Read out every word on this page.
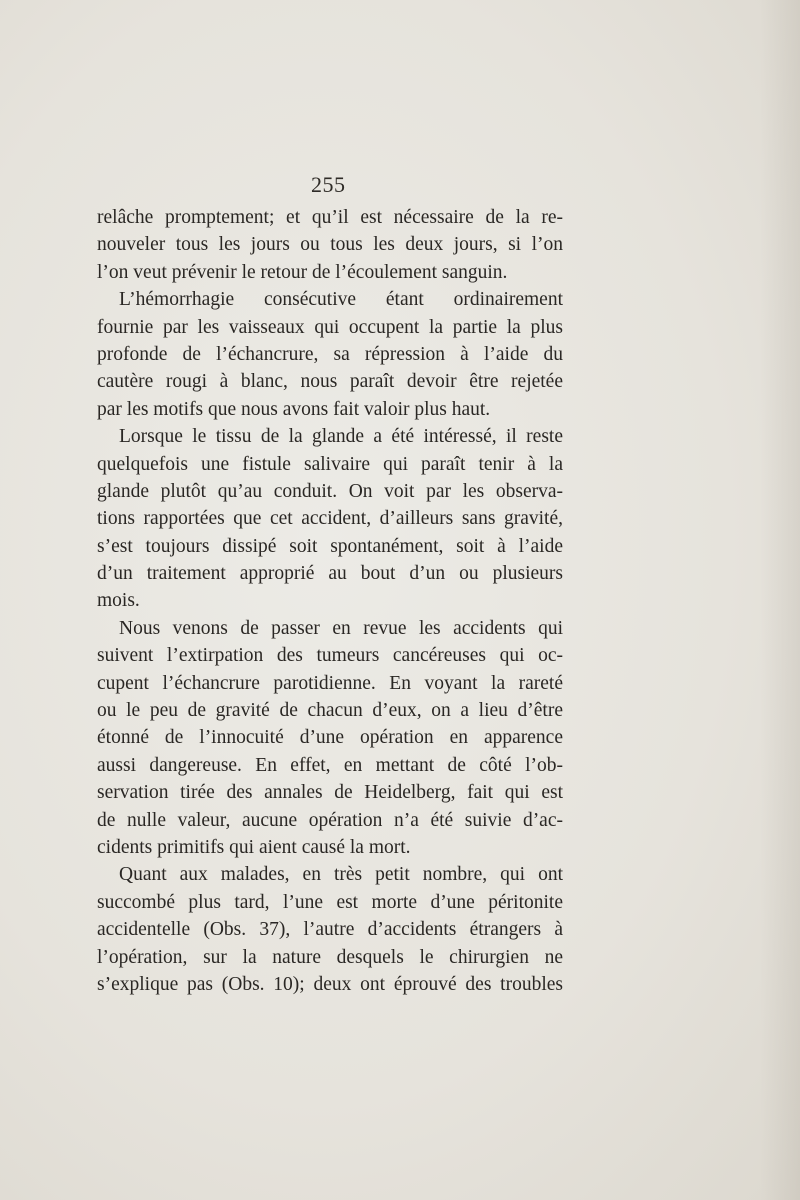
255
relâche promptement; et qu’il est nécessaire de la re-
nouveler tous les jours ou tous les deux jours, si l’on
l’on veut prévenir le retour de l’écoulement sanguin.
L’hémorrhagie consécutive étant ordinairement
fournie par les vaisseaux qui occupent la partie la plus
profonde de l’échancrure, sa répression à l’aide du
cautère rougi à blanc, nous paraît devoir être rejetée
par les motifs que nous avons fait valoir plus haut.
Lorsque le tissu de la glande a été intéressé, il reste
quelquefois une fistule salivaire qui paraît tenir à la
glande plutôt qu’au conduit. On voit par les observa-
tions rapportées que cet accident, d’ailleurs sans gravité,
s’est toujours dissipé soit spontanément, soit à l’aide
d’un traitement approprié au bout d’un ou plusieurs
mois.
Nous venons de passer en revue les accidents qui
suivent l’extirpation des tumeurs cancéreuses qui oc-
cupent l’échancrure parotidienne. En voyant la rareté
ou le peu de gravité de chacun d’eux, on a lieu d’être
étonné de l’innocuité d’une opération en apparence
aussi dangereuse. En effet, en mettant de côté l’ob-
servation tirée des annales de Heidelberg, fait qui est
de nulle valeur, aucune opération n’a été suivie d’ac-
cidents primitifs qui aient causé la mort.
Quant aux malades, en très petit nombre, qui ont
succombé plus tard, l’une est morte d’une péritonite
accidentelle (Obs. 37), l’autre d’accidents étrangers à
l’opération, sur la nature desquels le chirurgien ne
s’explique pas (Obs. 10); deux ont éprouvé des troubles
